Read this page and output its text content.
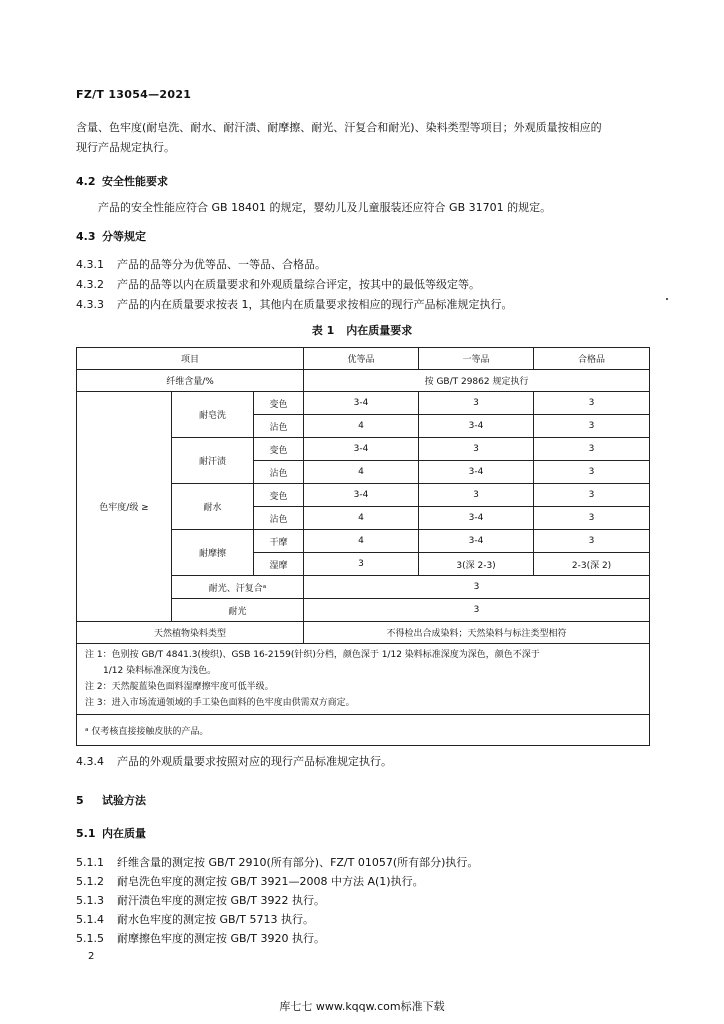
FZ/T 13054—2021
含量、色牢度(耐皂洗、耐水、耐汗渍、耐摩擦、耐光、汗复合和耐光)、染料类型等项目；外观质量按相应的
现行产品规定执行。
4.2 安全性能要求
产品的安全性能应符合 GB 18401 的规定，婴幼儿及儿童服装还应符合 GB 31701 的规定。
4.3 分等规定
4.3.1 产品的品等分为优等品、一等品、合格品。
4.3.2 产品的品等以内在质量要求和外观质量综合评定，按其中的最低等级定等。
4.3.3 产品的内在质量要求按表 1，其他内在质量要求按相应的现行产品标准规定执行。
表 1 内在质量要求
项目			优等品	一等品	合格品
纤维含量/%			按 GB/T 29862 规定执行		
色牢度/级 ≥	耐皂洗	变色	3-4	3	3
		沾色	4	3-4	3
	耐汗渍	变色	3-4	3	3
		沾色	4	3-4	3
	耐水	变色	3-4	3	3
		沾色	4	3-4	3
	耐摩擦	干摩	4	3-4	3
		湿摩	3	3(深 2-3)	2-3(深 2)
	耐光、汗复合ᵃ		3		
	耐光		3		
天然植物染料类型			不得检出合成染料；天然染料与标注类型相符		

注 1：色别按 GB/T 4841.3(梭织)、GSB 16-2159(针织)分档，颜色深于 1/12 染料标准深度为深色，颜色不深于
1/12 染料标准深度为浅色。
注 2：天然靛蓝染色面料湿摩擦牢度可低半级。
注 3：进入市场流通领域的手工染色面料的色牢度由供需双方商定。					

ᵃ 仅考核直接接触皮肤的产品。					
4.3.4 产品的外观质量要求按照对应的现行产品标准规定执行。
5 试验方法
5.1 内在质量
5.1.1 纤维含量的测定按 GB/T 2910(所有部分)、FZ/T 01057(所有部分)执行。
5.1.2 耐皂洗色牢度的测定按 GB/T 3921—2008 中方法 A(1)执行。
5.1.3 耐汗渍色牢度的测定按 GB/T 3922 执行。
5.1.4 耐水色牢度的测定按 GB/T 5713 执行。
5.1.5 耐摩擦色牢度的测定按 GB/T 3920 执行。
2
库七七 www.kqqw.com标准下载
